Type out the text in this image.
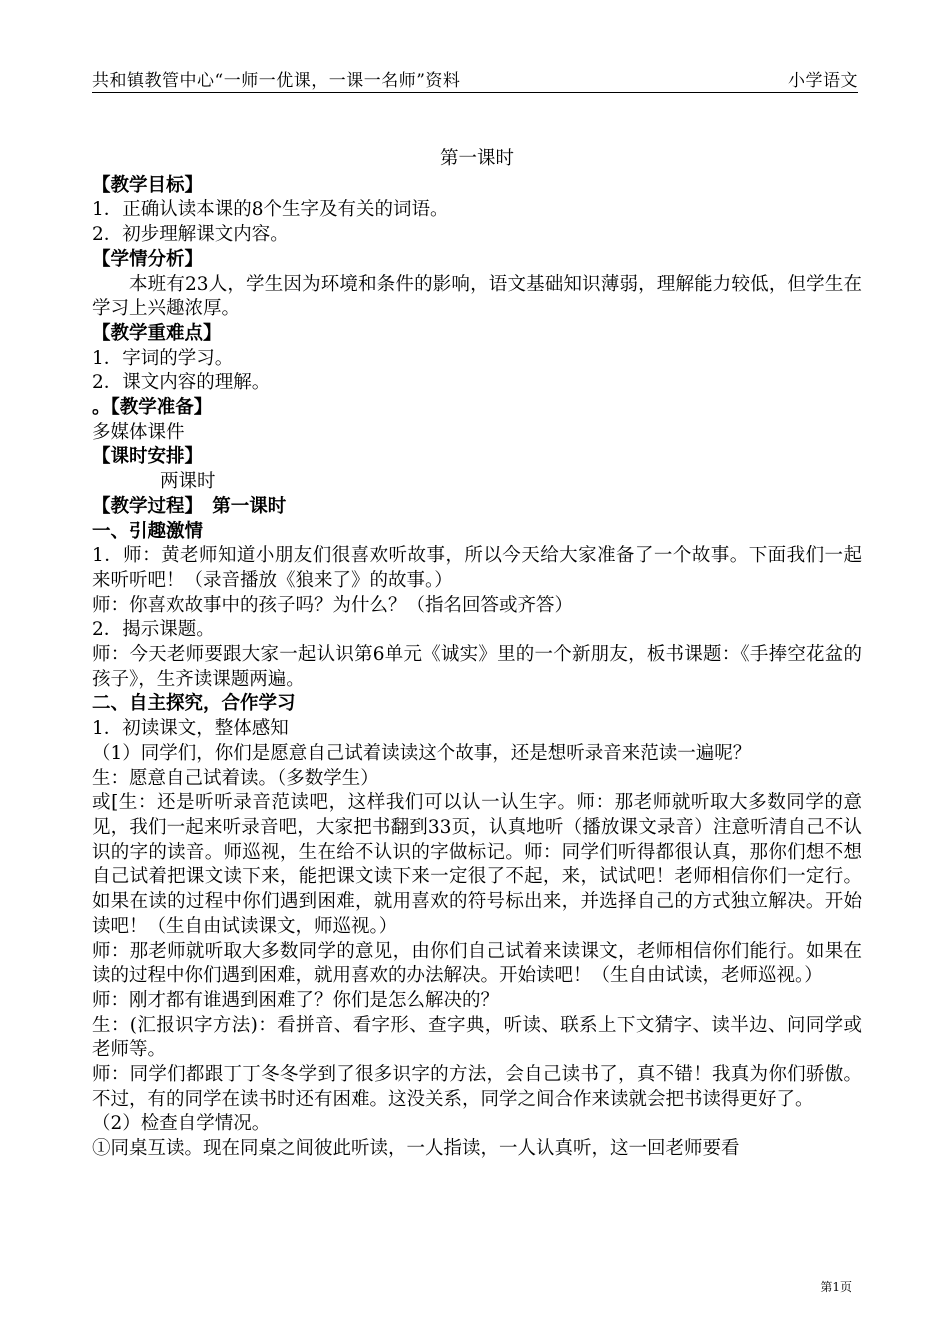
共和镇教管中心“一师一优课，一课一名师”资料	小学语文

第一课时

【教学目标】

1．正确认读本课的8个生字及有关的词语。

2．初步理解课文内容。

【学情分析】

本班有23人，学生因为环境和条件的影响，语文基础知识薄弱，理解能力较低，但学生在学习上兴趣浓厚。

【教学重难点】

1．字词的学习。

2．课文内容的理解。

。【教学准备】

多媒体课件

【课时安排】

两课时

【教学过程】　第一课时

一、引趣激情

1．师：黄老师知道小朋友们很喜欢听故事，所以今天给大家准备了一个故事。下面我们一起来听听吧！（录音播放《狼来了》的故事。）

师：你喜欢故事中的孩子吗？为什么？（指名回答或齐答）

2．揭示课题。

师：今天老师要跟大家一起认识第6单元《诚实》里的一个新朋友，板书课题：《手捧空花盆的孩子》，生齐读课题两遍。

二、自主探究，合作学习

1．初读课文，整体感知

（1）同学们，你们是愿意自己试着读读这个故事，还是想听录音来范读一遍呢？

生：愿意自己试着读。（多数学生）

或[生：还是听听录音范读吧，这样我们可以认一认生字。师：那老师就听取大多数同学的意见，我们一起来听录音吧，大家把书翻到33页，认真地听（播放课文录音）注意听清自己不认识的字的读音。师巡视，生在给不认识的字做标记。师：同学们听得都很认真，那你们想不想自己试着把课文读下来，能把课文读下来一定很了不起，来，试试吧！老师相信你们一定行。如果在读的过程中你们遇到困难，就用喜欢的符号标出来，并选择自己的方式独立解决。开始读吧！（生自由试读课文，师巡视。）

师：那老师就听取大多数同学的意见，由你们自己试着来读课文，老师相信你们能行。如果在读的过程中你们遇到困难，就用喜欢的办法解决。开始读吧！（生自由试读，老师巡视。）

师：刚才都有谁遇到困难了？你们是怎么解决的？

生：(汇报识字方法)：看拼音、看字形、查字典，听读、联系上下文猜字、读半边、问同学或老师等。

师：同学们都跟丁丁冬冬学到了很多识字的方法，会自己读书了，真不错！我真为你们骄傲。不过，有的同学在读书时还有困难。这没关系，同学之间合作来读就会把书读得更好了。

（2）检查自学情况。

①同桌互读。现在同桌之间彼此听读，一人指读，一人认真听，这一回老师要看

第1页
